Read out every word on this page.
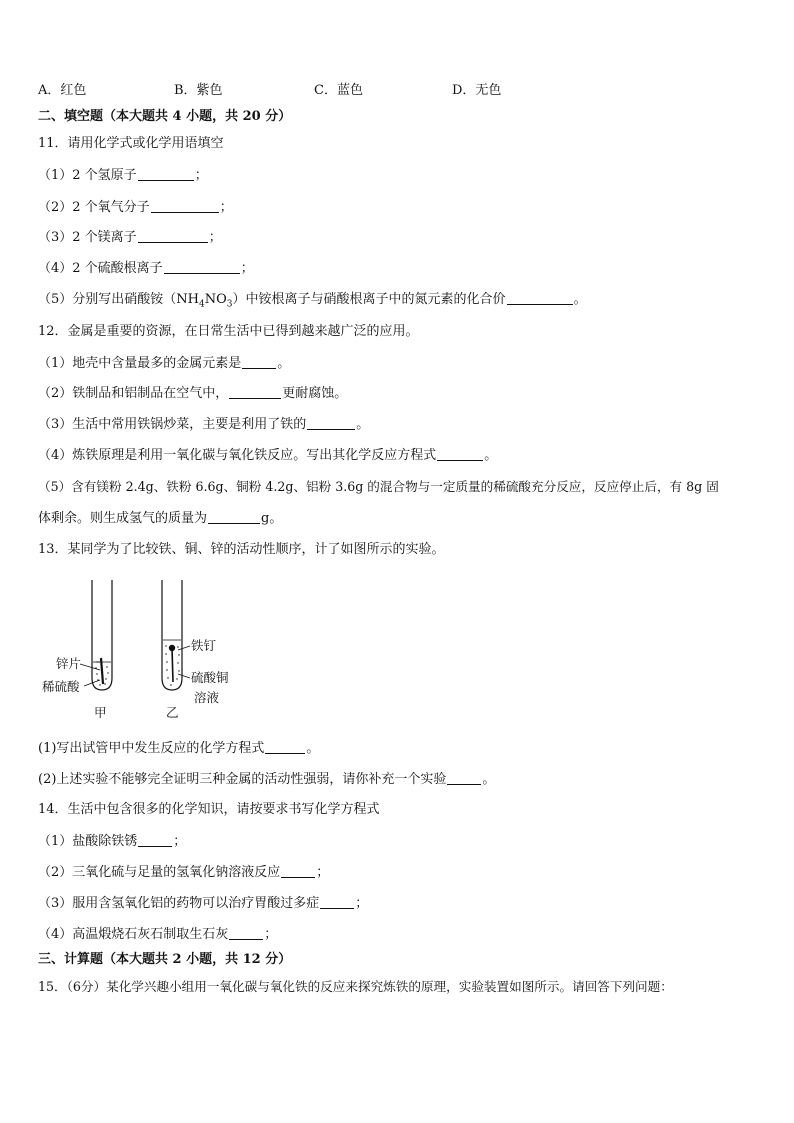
A．红色	B．紫色	C．蓝色	D．无色
二、填空题（本大题共 4 小题，共 20 分）
11．请用化学式或化学用语填空
（1）2 个氢原子	；
（2）2 个氧气分子	；
（3）2 个镁离子	；
（4）2 个硫酸根离子	；
（5）分别写出硝酸铵$(NH_4NO_3)$中铵根离子与硝酸根离子中的氮元素的化合价	。
12．金属是重要的资源，在日常生活中已得到越来越广泛的应用。
（1）地壳中含量最多的金属元素是	。
（2）铁制品和铝制品在空气中，	更耐腐蚀。
（3）生活中常用铁锅炒菜，主要是利用了铁的	。
（4）炼铁原理是利用一氧化碳与氧化铁反应。写出其化学反应方程式	。
（5）含有镁粉 2.4g、铁粉 6.6g、铜粉 4.2g、铝粉 3.6g 的混合物与一定质量的稀硫酸充分反应，反应停止后，有 8g 固
体剩余。则生成氢气的质量为	g。
13．某同学为了比较铁、铜、锌的活动性顺序，计了如图所示的实验。
锌片
稀硫酸
铁钉
硫酸铜
溶液
甲	乙
(1)写出试管甲中发生反应的化学方程式	。
(2)上述实验不能够完全证明三种金属的活动性强弱，请你补充一个实验	。
14．生活中包含很多的化学知识，请按要求书写化学方程式
（1）盐酸除铁锈	；
（2）三氧化硫与足量的氢氧化钠溶液反应	；
（3）服用含氢氧化铝的药物可以治疗胃酸过多症	；
（4）高温煅烧石灰石制取生石灰	；
三、计算题（本大题共 2 小题，共 12 分）
15．（6分）某化学兴趣小组用一氧化碳与氧化铁的反应来探究炼铁的原理，实验装置如图所示。请回答下列问题：
